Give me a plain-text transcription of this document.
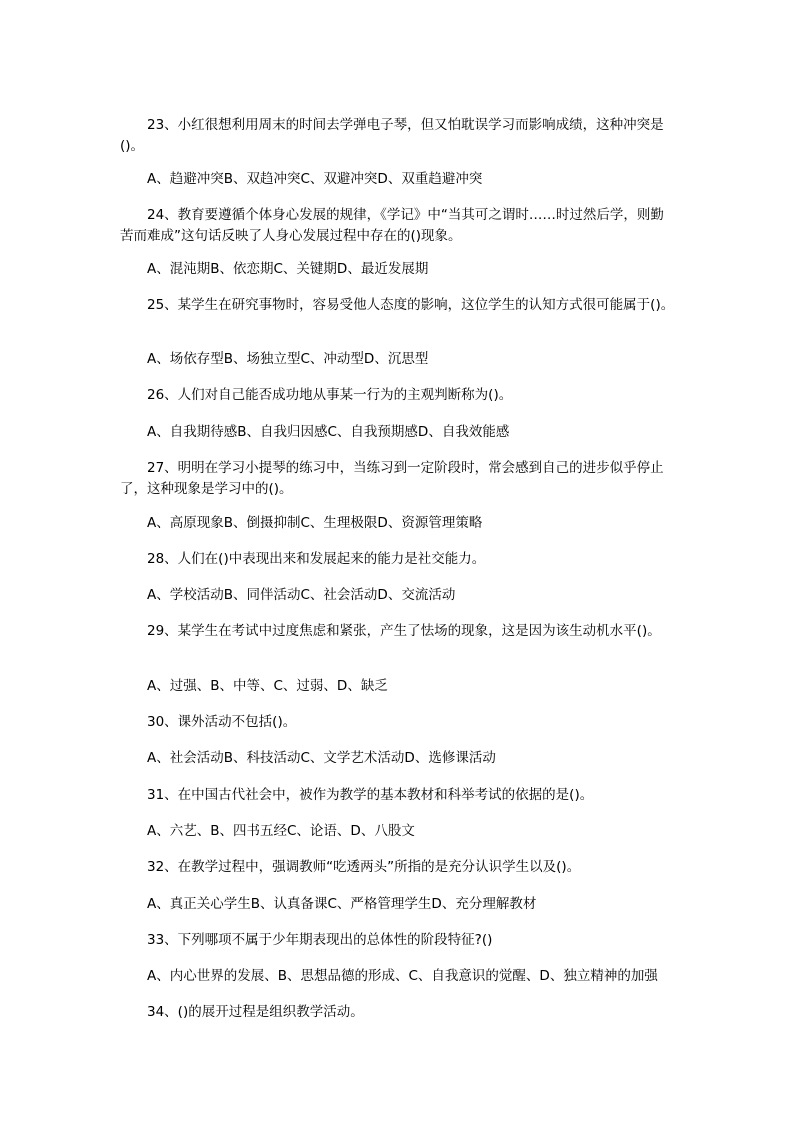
23、小红很想利用周末的时间去学弹电子琴，但又怕耽误学习而影响成绩，这种冲突是()。

A、趋避冲突B、双趋冲突C、双避冲突D、双重趋避冲突

24、教育要遵循个体身心发展的规律，《学记》中“当其可之谓时……时过然后学，则勤苦而难成”这句话反映了人身心发展过程中存在的()现象。

A、混沌期B、依恋期C、关键期D、最近发展期

25、某学生在研究事物时，容易受他人态度的影响，这位学生的认知方式很可能属于()。

A、场依存型B、场独立型C、冲动型D、沉思型

26、人们对自己能否成功地从事某一行为的主观判断称为()。

A、自我期待感B、自我归因感C、自我预期感D、自我效能感

27、明明在学习小提琴的练习中，当练习到一定阶段时，常会感到自己的进步似乎停止了，这种现象是学习中的()。

A、高原现象B、倒摄抑制C、生理极限D、资源管理策略

28、人们在()中表现出来和发展起来的能力是社交能力。

A、学校活动B、同伴活动C、社会活动D、交流活动

29、某学生在考试中过度焦虑和紧张，产生了怯场的现象，这是因为该生动机水平()。

A、过强、B、中等、C、过弱、D、缺乏

30、课外活动不包括()。

A、社会活动B、科技活动C、文学艺术活动D、选修课活动

31、在中国古代社会中，被作为教学的基本教材和科举考试的依据的是()。

A、六艺、B、四书五经C、论语、D、八股文

32、在教学过程中，强调教师“吃透两头”所指的是充分认识学生以及()。

A、真正关心学生B、认真备课C、严格管理学生D、充分理解教材

33、下列哪项不属于少年期表现出的总体性的阶段特征?()

A、内心世界的发展、B、思想品德的形成、C、自我意识的觉醒、D、独立精神的加强

34、()的展开过程是组织教学活动。
